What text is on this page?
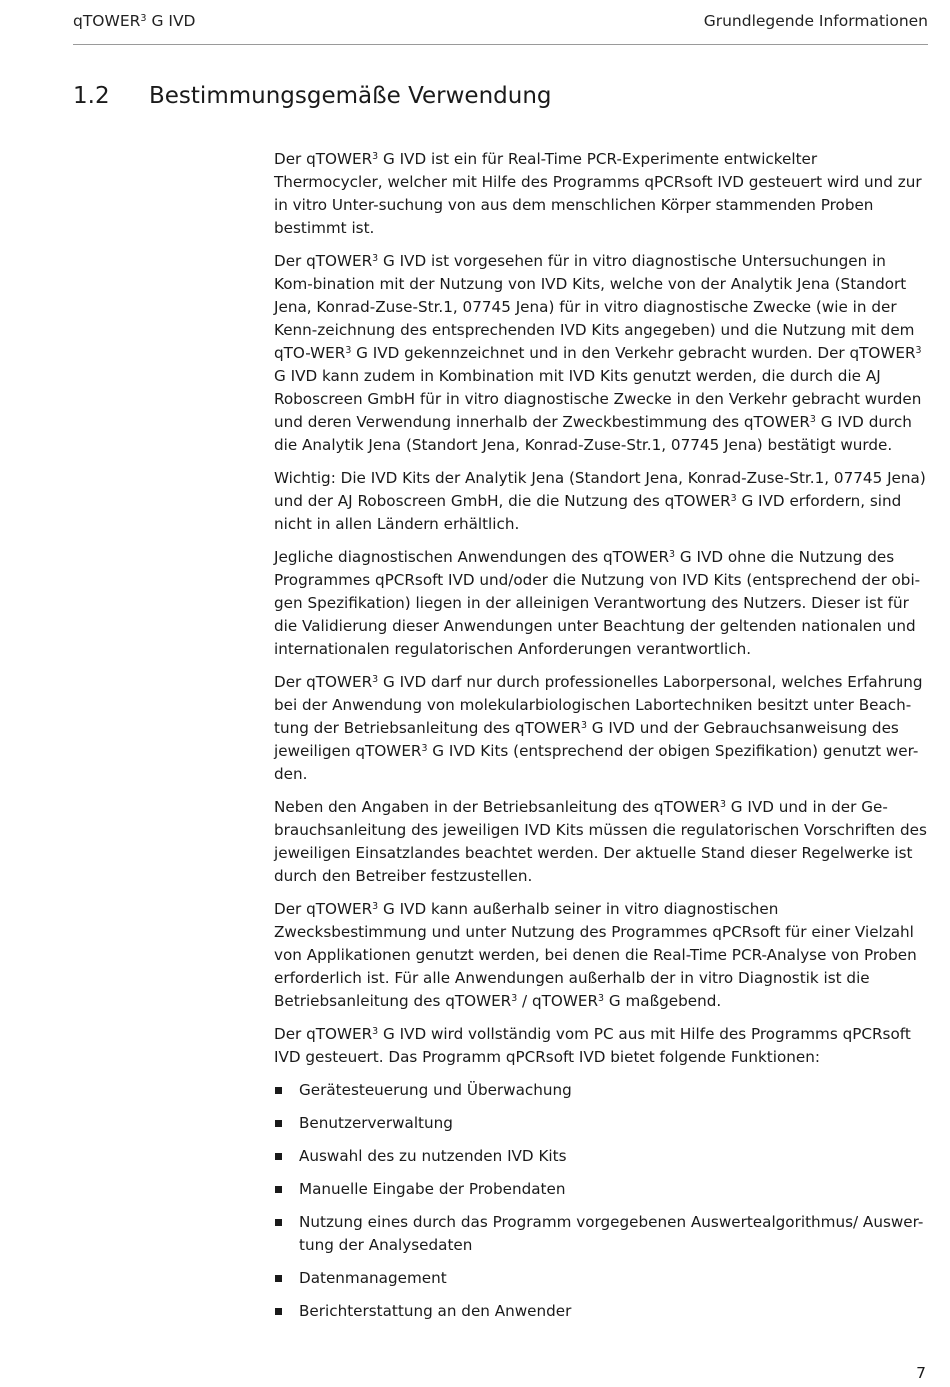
qTOWER$^3$ G IVD	Grundlegende Informationen
1.2 Bestimmungsgemäße Verwendung

Der qTOWER$^3$ G IVD ist ein für Real-Time PCR-Experimente entwickelter Thermocycler, welcher mit Hilfe des Programms qPCRsoft IVD gesteuert wird und zur in vitro Unter-suchung von aus dem menschlichen Körper stammenden Proben bestimmt ist.

Der qTOWER$^3$ G IVD ist vorgesehen für in vitro diagnostische Untersuchungen in Kom-bination mit der Nutzung von IVD Kits, welche von der Analytik Jena (Standort Jena, Konrad-Zuse-Str.1, 07745 Jena) für in vitro diagnostische Zwecke (wie in der Kenn-zeichnung des entsprechenden IVD Kits angegeben) und die Nutzung mit dem qTO-WER$^3$ G IVD gekennzeichnet und in den Verkehr gebracht wurden. Der qTOWER$^3$ G IVD kann zudem in Kombination mit IVD Kits genutzt werden, die durch die AJ Roboscreen GmbH für in vitro diagnostische Zwecke in den Verkehr gebracht wurden und deren Verwendung innerhalb der Zweckbestimmung des qTOWER$^3$ G IVD durch die Analytik Jena (Standort Jena, Konrad-Zuse-Str.1, 07745 Jena) bestätigt wurde.

Wichtig: Die IVD Kits der Analytik Jena (Standort Jena, Konrad-Zuse-Str.1, 07745 Jena) und der AJ Roboscreen GmbH, die die Nutzung des qTOWER$^3$ G IVD erfordern, sind nicht in allen Ländern erhältlich.

Jegliche diagnostischen Anwendungen des qTOWER$^3$ G IVD ohne die Nutzung des Programmes qPCRsoft IVD und/oder die Nutzung von IVD Kits (entsprechend der obi-gen Spezifikation) liegen in der alleinigen Verantwortung des Nutzers. Dieser ist für die Validierung dieser Anwendungen unter Beachtung der geltenden nationalen und internationalen regulatorischen Anforderungen verantwortlich.

Der qTOWER$^3$ G IVD darf nur durch professionelles Laborpersonal, welches Erfahrung bei der Anwendung von molekularbiologischen Labortechniken besitzt unter Beach-tung der Betriebsanleitung des qTOWER$^3$ G IVD und der Gebrauchsanweisung des jeweiligen qTOWER$^3$ G IVD Kits (entsprechend der obigen Spezifikation) genutzt wer-den.

Neben den Angaben in der Betriebsanleitung des qTOWER$^3$ G IVD und in der Ge-brauchsanleitung des jeweiligen IVD Kits müssen die regulatorischen Vorschriften des jeweiligen Einsatzlandes beachtet werden. Der aktuelle Stand dieser Regelwerke ist durch den Betreiber festzustellen.

Der qTOWER$^3$ G IVD kann außerhalb seiner in vitro diagnostischen Zwecksbestimmung und unter Nutzung des Programmes qPCRsoft für einer Vielzahl von Applikationen genutzt werden, bei denen die Real-Time PCR-Analyse von Proben erforderlich ist. Für alle Anwendungen außerhalb der in vitro Diagnostik ist die Betriebsanleitung des qTOWER$^3$ / qTOWER$^3$ G maßgebend.

Der qTOWER$^3$ G IVD wird vollständig vom PC aus mit Hilfe des Programms qPCRsoft IVD gesteuert. Das Programm qPCRsoft IVD bietet folgende Funktionen:

Gerätesteuerung und Überwachung
Benutzerverwaltung
Auswahl des zu nutzenden IVD Kits
Manuelle Eingabe der Probendaten
Nutzung eines durch das Programm vorgegebenen Auswertealgorithmus/ Auswer-tung der Analysedaten
Datenmanagement
Berichterstattung an den Anwender
7
